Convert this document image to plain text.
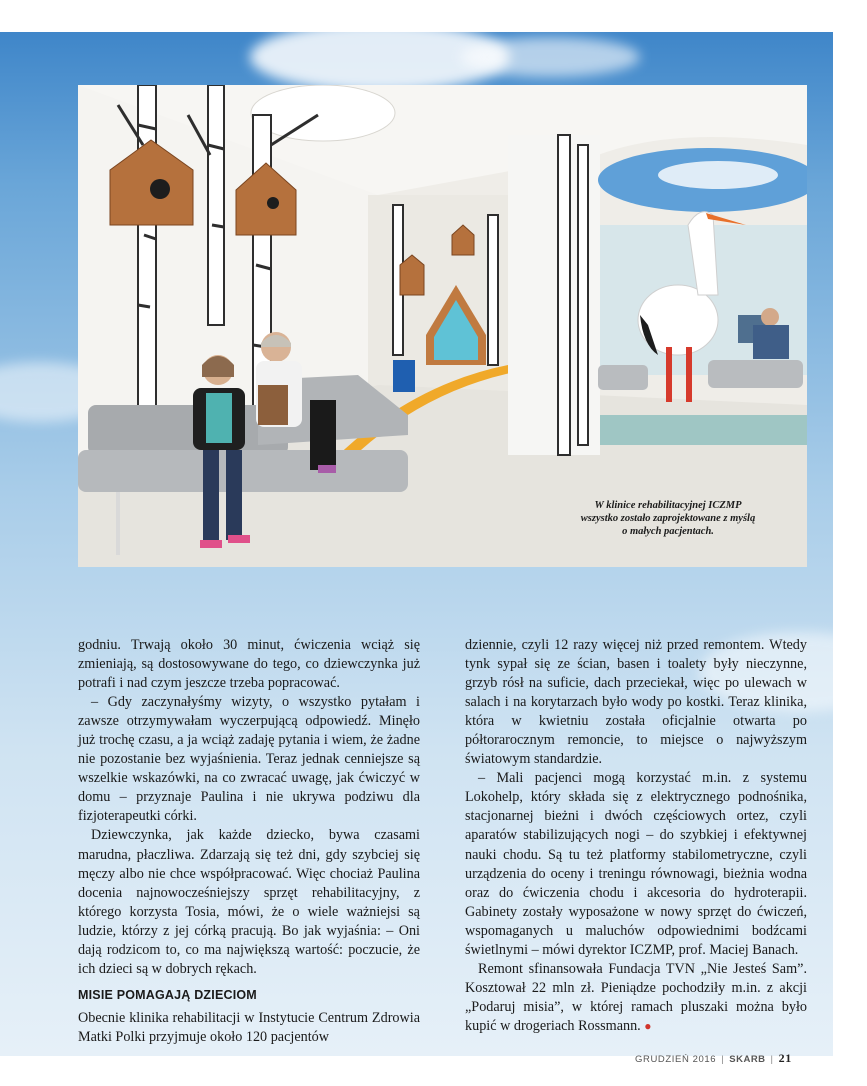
W klinice rehabilitacyjnej ICZMP
wszystko zostało zaprojektowane z myślą
o małych pacjentach.

godniu. Trwają około 30 minut, ćwiczenia wciąż się zmieniają, są dostosowywane do tego, co dziewczynka już potrafi i nad czym jeszcze trzeba popracować.

– Gdy zaczynałyśmy wizyty, o wszystko pytałam i zawsze otrzymywałam wyczerpującą odpowiedź. Minęło już trochę czasu, a ja wciąż zadaję pytania i wiem, że żadne nie pozostanie bez wyjaśnienia. Teraz jednak cenniejsze są wszelkie wskazówki, na co zwracać uwagę, jak ćwiczyć w domu – przyznaje Paulina i nie ukrywa podziwu dla fizjoterapeutki córki.

Dziewczynka, jak każde dziecko, bywa czasami marudna, płaczliwa. Zdarzają się też dni, gdy szybciej się męczy albo nie chce współpracować. Więc chociaż Paulina docenia najnowocześniejszy sprzęt rehabilitacyjny, z którego korzysta Tosia, mówi, że o wiele ważniejsi są ludzie, którzy z jej córką pracują. Bo jak wyjaśnia: – Oni dają rodzicom to, co ma największą wartość: poczucie, że ich dzieci są w dobrych rękach.

MISIE POMAGAJĄ DZIECIOM

Obecnie klinika rehabilitacji w Instytucie Centrum Zdrowia Matki Polki przyjmuje około 120 pacjentów

dziennie, czyli 12 razy więcej niż przed remontem. Wtedy tynk sypał się ze ścian, basen i toalety były nieczynne, grzyb rósł na suficie, dach przeciekał, więc po ulewach w salach i na korytarzach było wody po kostki. Teraz klinika, która w kwietniu została oficjalnie otwarta po półtorarocznym remoncie, to miejsce o najwyższym światowym standardzie.

– Mali pacjenci mogą korzystać m.in. z systemu Lokohelp, który składa się z elektrycznego podnośnika, stacjonarnej bieżni i dwóch częściowych ortez, czyli aparatów stabilizujących nogi – do szybkiej i efektywnej nauki chodu. Są tu też platformy stabilometryczne, czyli urządzenia do oceny i treningu równowagi, bieżnia wodna oraz do ćwiczenia chodu i akcesoria do hydroterapii. Gabinety zostały wyposażone w nowy sprzęt do ćwiczeń, wspomaganych u maluchów odpowiednimi bodźcami świetlnymi – mówi dyrektor ICZMP, prof. Maciej Banach.

Remont sfinansowała Fundacja TVN „Nie Jesteś Sam”. Kosztował 22 mln zł. Pieniądze pochodziły m.in. z akcji „Podaruj misia”, w której ramach pluszaki można było kupić w drogeriach Rossmann. ●

GRUDZIEŃ 2016 | SKARB | 21
